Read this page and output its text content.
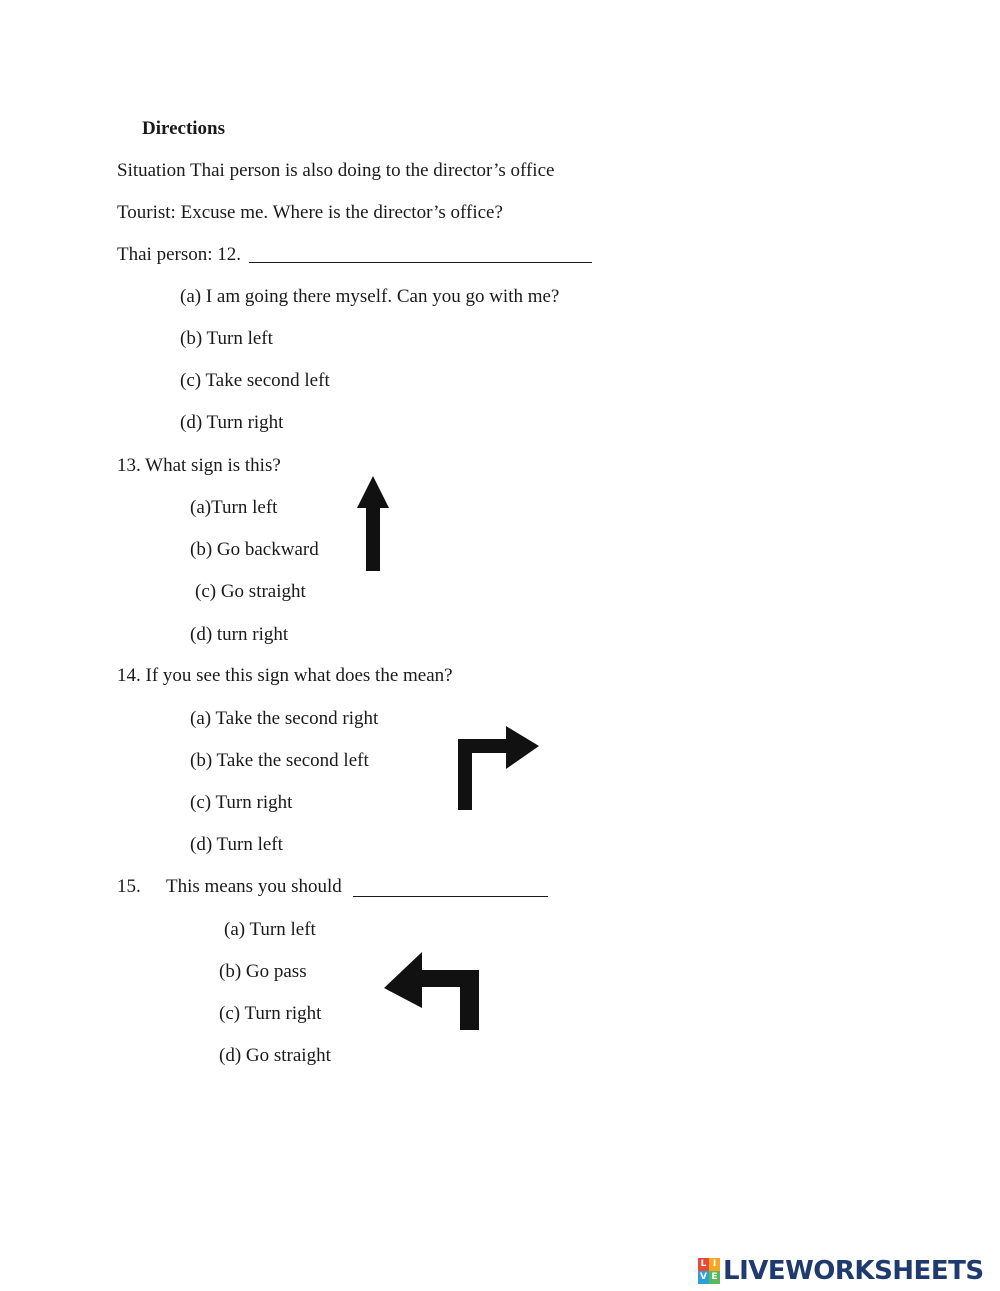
Directions
Situation Thai person is also doing to the director’s office
Tourist: Excuse me. Where is the director’s office?
Thai person: 12.
(a) I am going there myself. Can you go with me?
(b) Turn left
(c) Take second left
(d) Turn right
13. What sign is this?
(a)Turn left
(b) Go backward
(c) Go straight
(d) turn right
14. If you see this sign what does the mean?
(a) Take the second right
(b) Take the second left
(c) Turn right
(d) Turn left
15. This means you should
(a) Turn left
(b) Go pass
(c) Turn right
(d) Go straight
L I
V E LIVEWORKSHEETS
